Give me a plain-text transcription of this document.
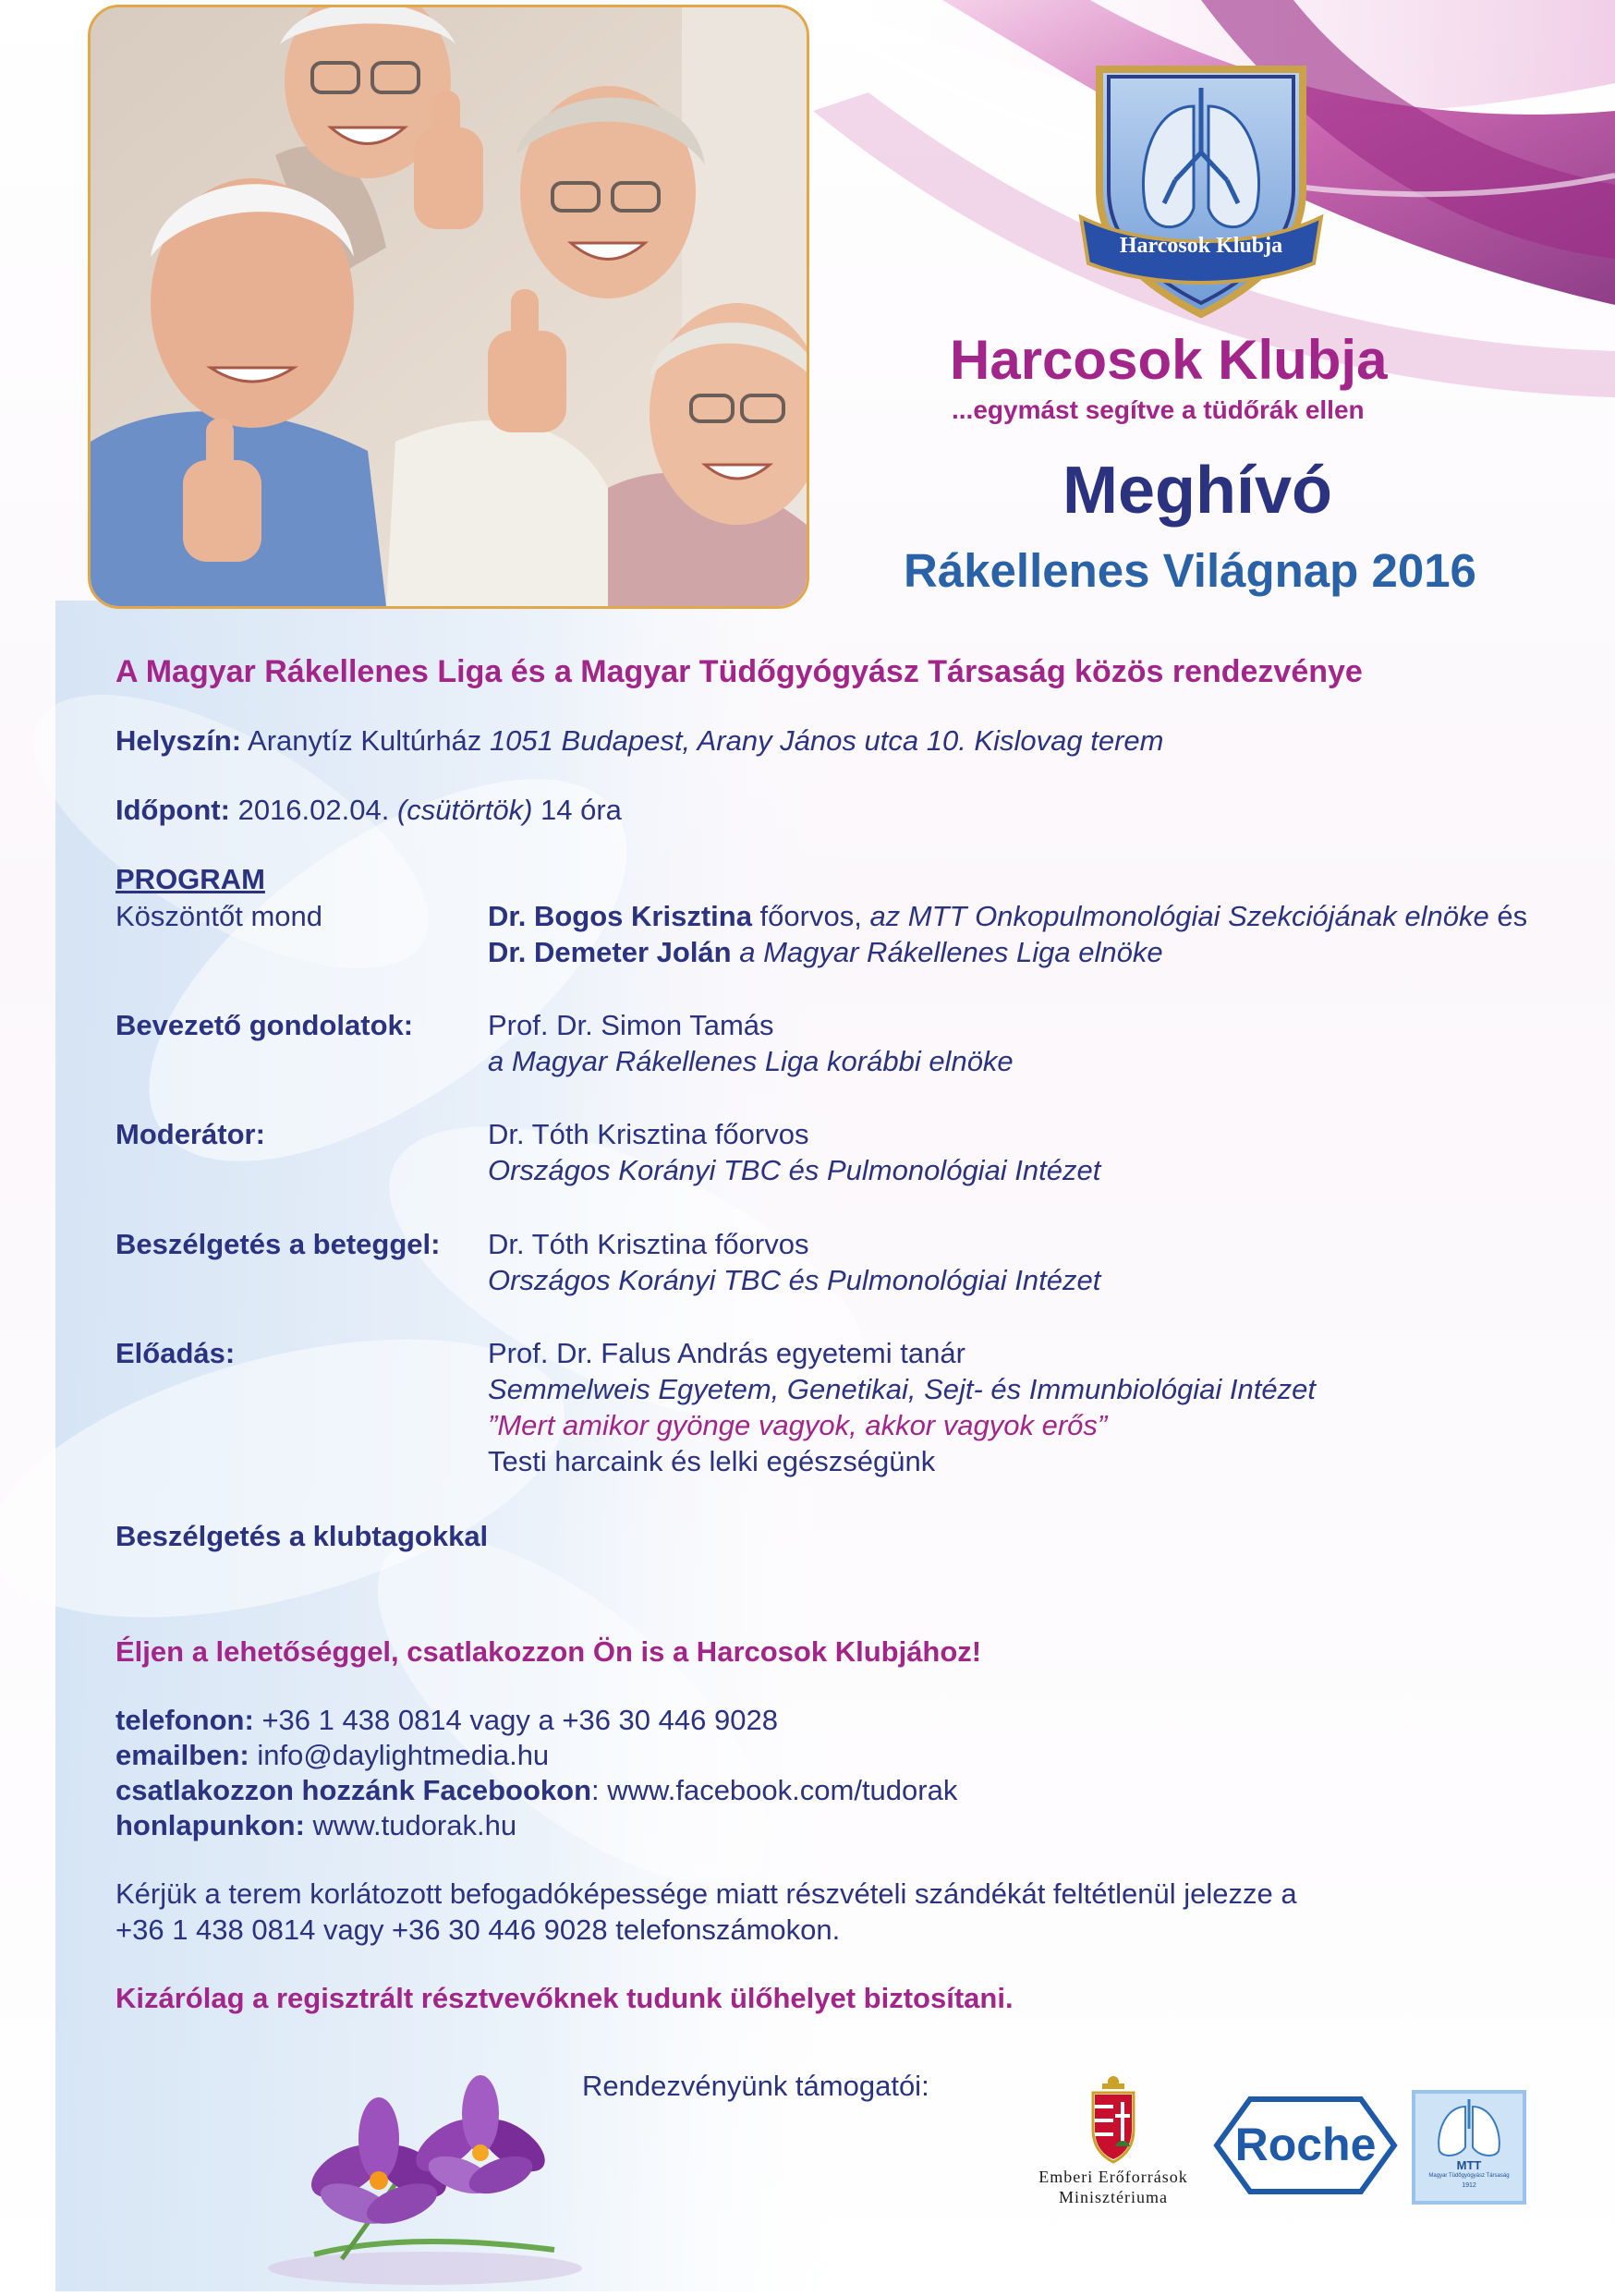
Harcosok Klubja
Harcosok Klubja
...egymást segítve a tüdőrák ellen
Meghívó
Rákellenes Világnap 2016
A Magyar Rákellenes Liga és a Magyar Tüdőgyógyász Társaság közös rendezvénye
Helyszín: Aranytíz Kultúrház 1051 Budapest, Arany János utca 10. Kislovag terem
Időpont: 2016.02.04. (csütörtök) 14 óra
PROGRAM
Köszöntőt mond	Dr. Bogos Krisztina főorvos, az MTT Onkopulmonológiai Szekciójának elnöke és
Dr. Demeter Jolán a Magyar Rákellenes Liga elnöke
Bevezető gondolatok:	Prof. Dr. Simon Tamás
a Magyar Rákellenes Liga korábbi elnöke
Moderátor:	Dr. Tóth Krisztina főorvos
Országos Korányi TBC és Pulmonológiai Intézet
Beszélgetés a beteggel: Dr. Tóth Krisztina főorvos
Országos Korányi TBC és Pulmonológiai Intézet
Előadás:	Prof. Dr. Falus András egyetemi tanár
Semmelweis Egyetem, Genetikai, Sejt- és Immunbiológiai Intézet
”Mert amikor gyönge vagyok, akkor vagyok erős”
Testi harcaink és lelki egészségünk
Beszélgetés a klubtagokkal
Éljen a lehetőséggel, csatlakozzon Ön is a Harcosok Klubjához!
telefonon: +36 1 438 0814 vagy a +36 30 446 9028
emailben: info@daylightmedia.hu
csatlakozzon hozzánk Facebookon: www.facebook.com/tudorak
honlapunkon: www.tudorak.hu
Kérjük a terem korlátozott befogadóképessége miatt részvételi szándékát feltétlenül jelezze a
+36 1 438 0814 vagy +36 30 446 9028 telefonszámokon.
Kizárólag a regisztrált résztvevőknek tudunk ülőhelyet biztosítani.
Rendezvényünk támogatói:
Emberi Erőforrások
Minisztériuma
Roche	MTT
Magyar Tüdőgyógyász Társaság
1912
